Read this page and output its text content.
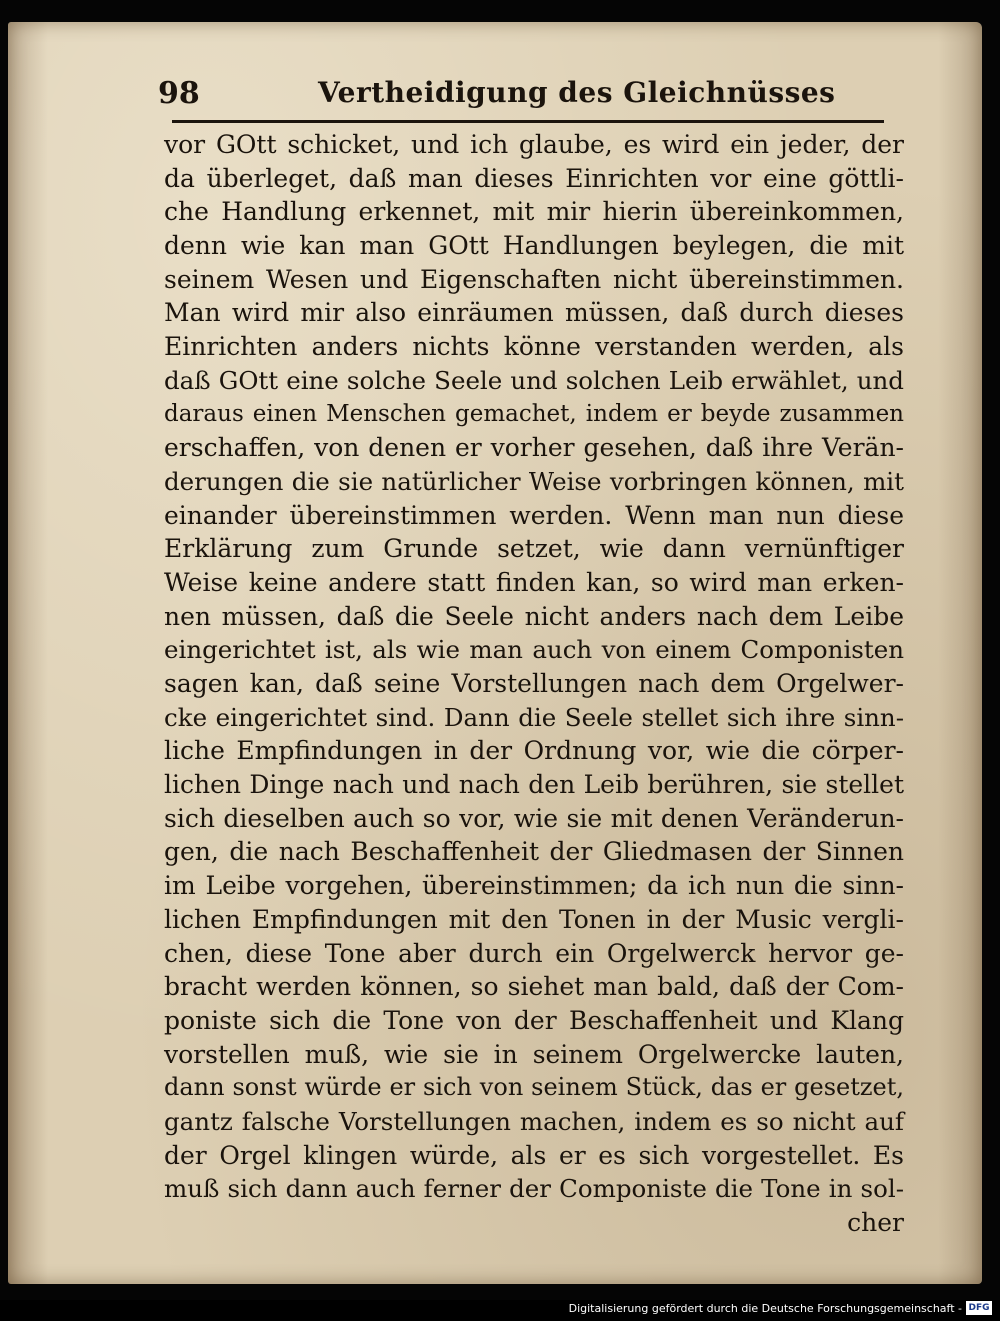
98	Vertheidigung des Gleichnüsses
vor GOtt schicket, und ich glaube, es wird ein jeder, der
da überleget, daß man dieses Einrichten vor eine göttli-
che Handlung erkennet, mit mir hierin übereinkommen,
denn wie kan man GOtt Handlungen beylegen, die mit
seinem Wesen und Eigenschaften nicht übereinstimmen.
Man wird mir also einräumen müssen, daß durch dieses
Einrichten anders nichts könne verstanden werden, als
daß GOtt eine solche Seele und solchen Leib erwählet, und
daraus einen Menschen gemachet, indem er beyde zusammen
erschaffen, von denen er vorher gesehen, daß ihre Verän-
derungen die sie natürlicher Weise vorbringen können, mit
einander übereinstimmen werden. Wenn man nun diese
Erklärung zum Grunde setzet, wie dann vernünftiger
Weise keine andere statt finden kan, so wird man erken-
nen müssen, daß die Seele nicht anders nach dem Leibe
eingerichtet ist, als wie man auch von einem Componisten
sagen kan, daß seine Vorstellungen nach dem Orgelwer-
cke eingerichtet sind. Dann die Seele stellet sich ihre sinn-
liche Empfindungen in der Ordnung vor, wie die cörper-
lichen Dinge nach und nach den Leib berühren, sie stellet
sich dieselben auch so vor, wie sie mit denen Veränderun-
gen, die nach Beschaffenheit der Gliedmasen der Sinnen
im Leibe vorgehen, übereinstimmen; da ich nun die sinn-
lichen Empfindungen mit den Tonen in der Music vergli-
chen, diese Tone aber durch ein Orgelwerck hervor ge-
bracht werden können, so siehet man bald, daß der Com-
poniste sich die Tone von der Beschaffenheit und Klang
vorstellen muß, wie sie in seinem Orgelwercke lauten,
dann sonst würde er sich von seinem Stück, das er gesetzet,
gantz falsche Vorstellungen machen, indem es so nicht auf
der Orgel klingen würde, als er es sich vorgestellet. Es
muß sich dann auch ferner der Componiste die Tone in sol-
cher
Digitalisierung gefördert durch die Deutsche Forschungsgemeinschaft - DFG
